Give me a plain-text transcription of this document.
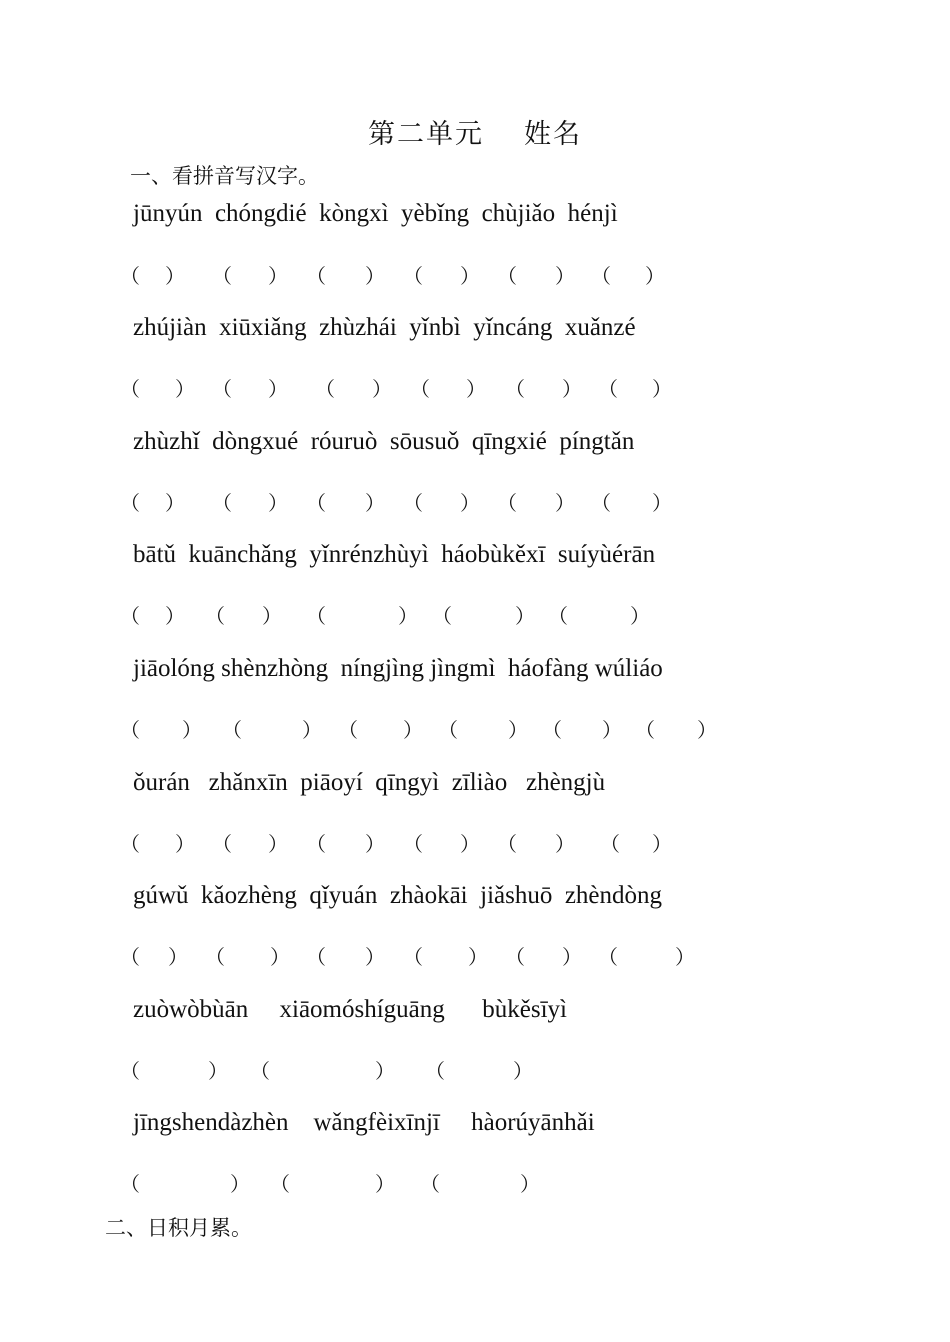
第二单元 姓名
一、看拼音写汉字。
jūnyún  chóngdié  kòngxì  yèbǐng  chùjiǎo  hénjì
（ ） （ ） （ ） （ ） （ ） （ ）
zhújiàn  xiūxiǎng  zhùzhái  yǐnbì  yǐncáng  xuǎnzé
（ ） （ ） （ ） （ ） （ ） （ ）
zhùzhǐ  dòngxué  róuruò  sōusuǒ  qīngxié  píngtǎn
（ ） （ ） （ ） （ ） （ ） （ ）
bātǔ  kuānchǎng  yǐnrénzhùyì  háobùkěxī  suíyùérān
（ ） （ ） （	） （	） （	）
jiāolóng shènzhòng  níngjìng jìngmì  háofàng wúliáo
（ ） （	） （ ） （	） （ ） （ ）
ǒurán   zhǎnxīn  piāoyí  qīngyì  zīliào   zhèngjù
（ ） （ ） （ ） （ ） （ ） （ ）
gúwǔ  kǎozhèng  qǐyuán  zhàokāi  jiǎshuō  zhèndòng
（ ） （ ） （ ） （ ） （ ） （	）
zuòwòbùān     xiāomóshíguāng      bùkěsīyì
（	） （	） （	）
jīngshendàzhèn    wǎngfèixīnjī     hàorúyānhǎi
（	） （	） （	）
二、日积月累。
